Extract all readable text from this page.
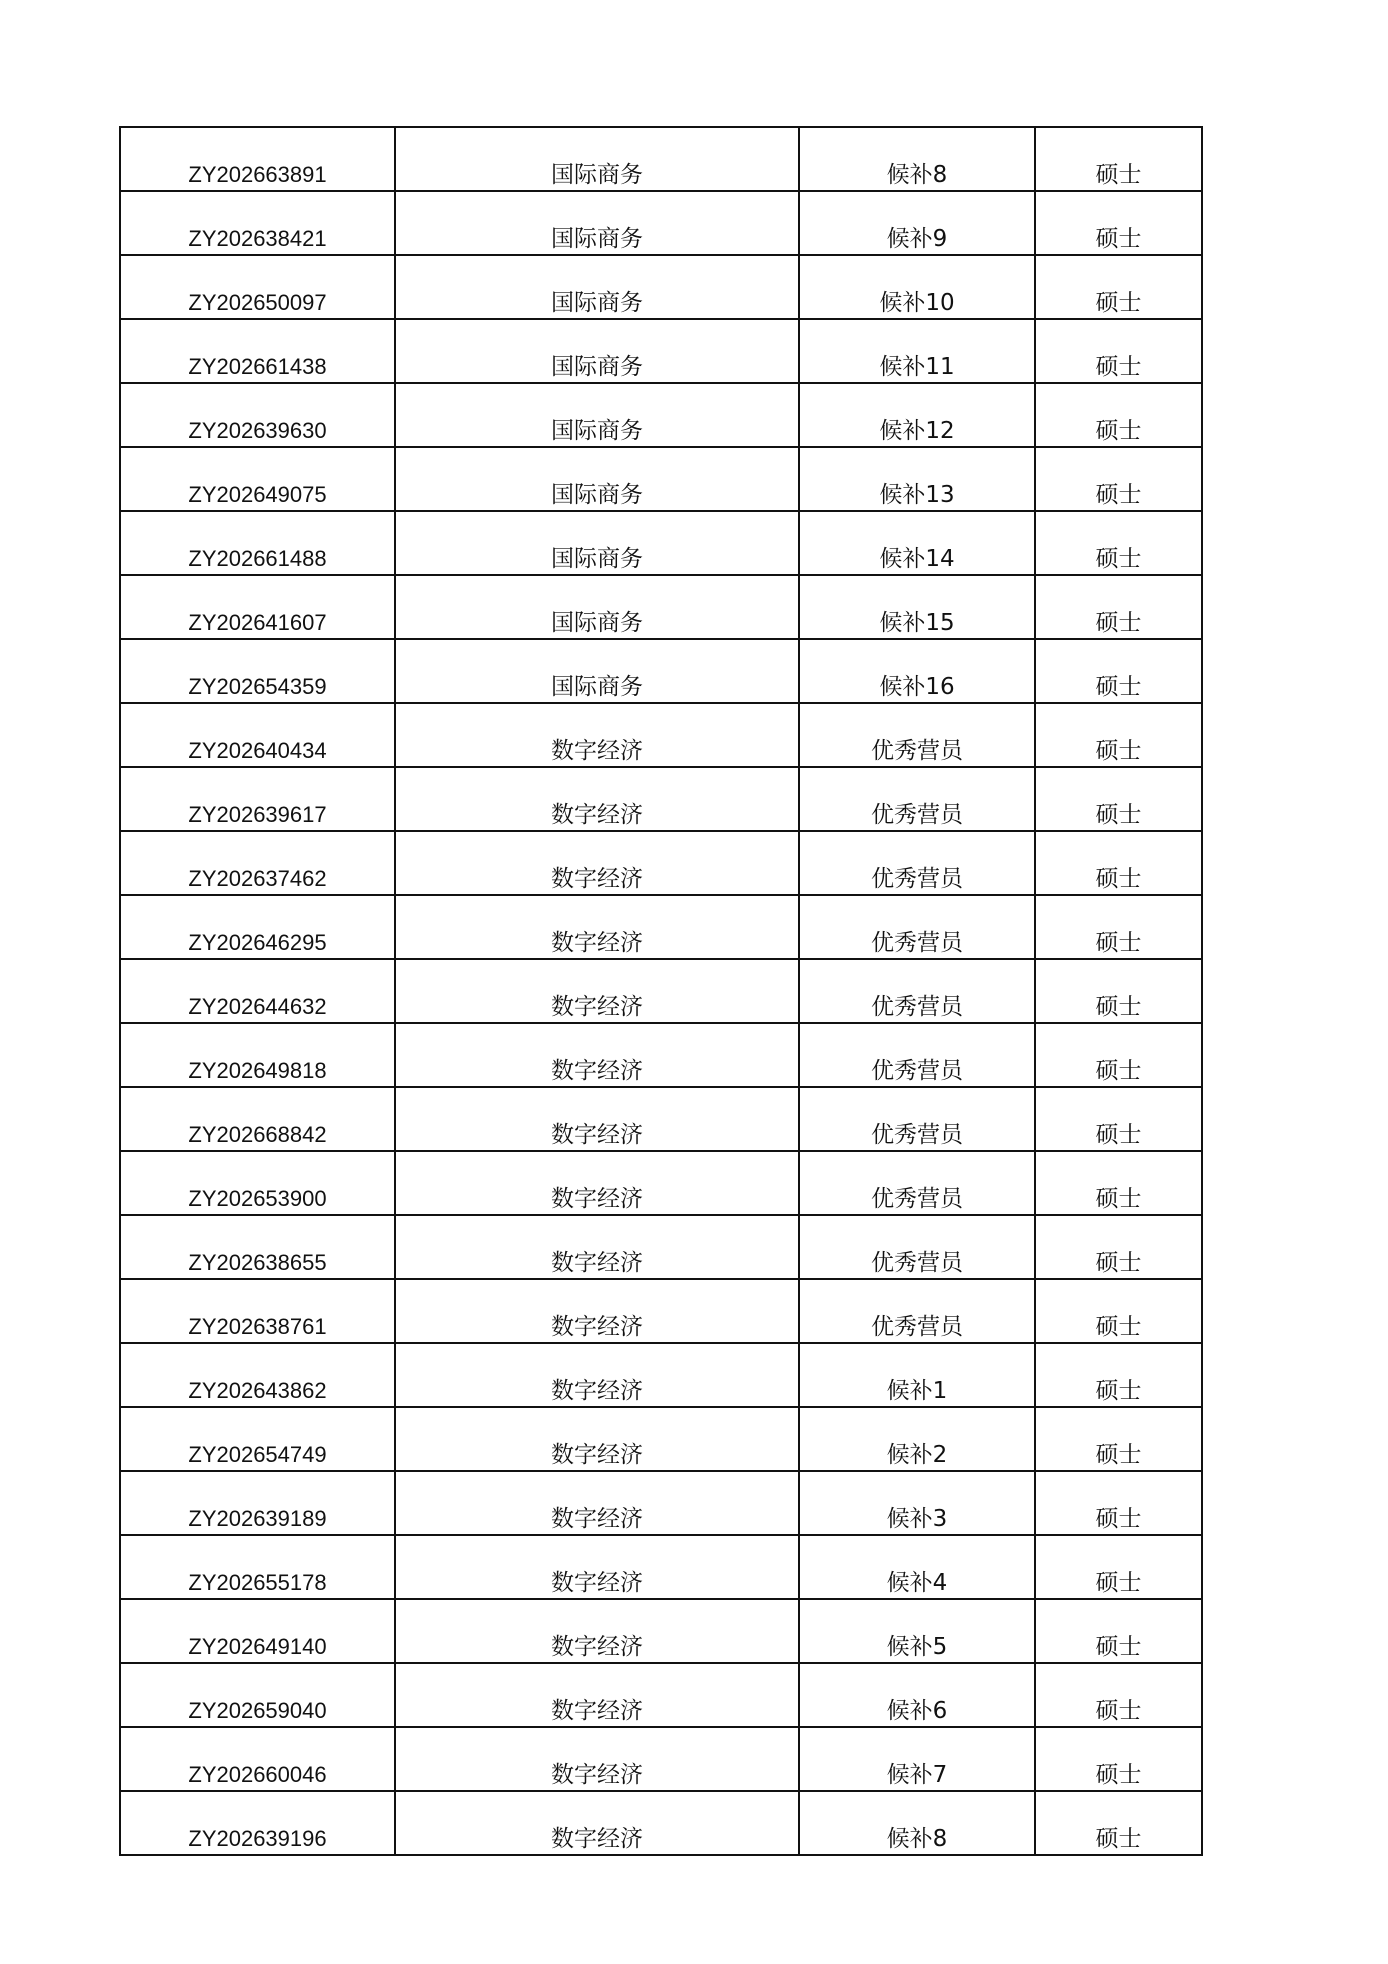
ZY202663891	国际商务	候补8	硕士
ZY202638421	国际商务	候补9	硕士
ZY202650097	国际商务	候补10	硕士
ZY202661438	国际商务	候补11	硕士
ZY202639630	国际商务	候补12	硕士
ZY202649075	国际商务	候补13	硕士
ZY202661488	国际商务	候补14	硕士
ZY202641607	国际商务	候补15	硕士
ZY202654359	国际商务	候补16	硕士
ZY202640434	数字经济	优秀营员	硕士
ZY202639617	数字经济	优秀营员	硕士
ZY202637462	数字经济	优秀营员	硕士
ZY202646295	数字经济	优秀营员	硕士
ZY202644632	数字经济	优秀营员	硕士
ZY202649818	数字经济	优秀营员	硕士
ZY202668842	数字经济	优秀营员	硕士
ZY202653900	数字经济	优秀营员	硕士
ZY202638655	数字经济	优秀营员	硕士
ZY202638761	数字经济	优秀营员	硕士
ZY202643862	数字经济	候补1	硕士
ZY202654749	数字经济	候补2	硕士
ZY202639189	数字经济	候补3	硕士
ZY202655178	数字经济	候补4	硕士
ZY202649140	数字经济	候补5	硕士
ZY202659040	数字经济	候补6	硕士
ZY202660046	数字经济	候补7	硕士
ZY202639196	数字经济	候补8	硕士
